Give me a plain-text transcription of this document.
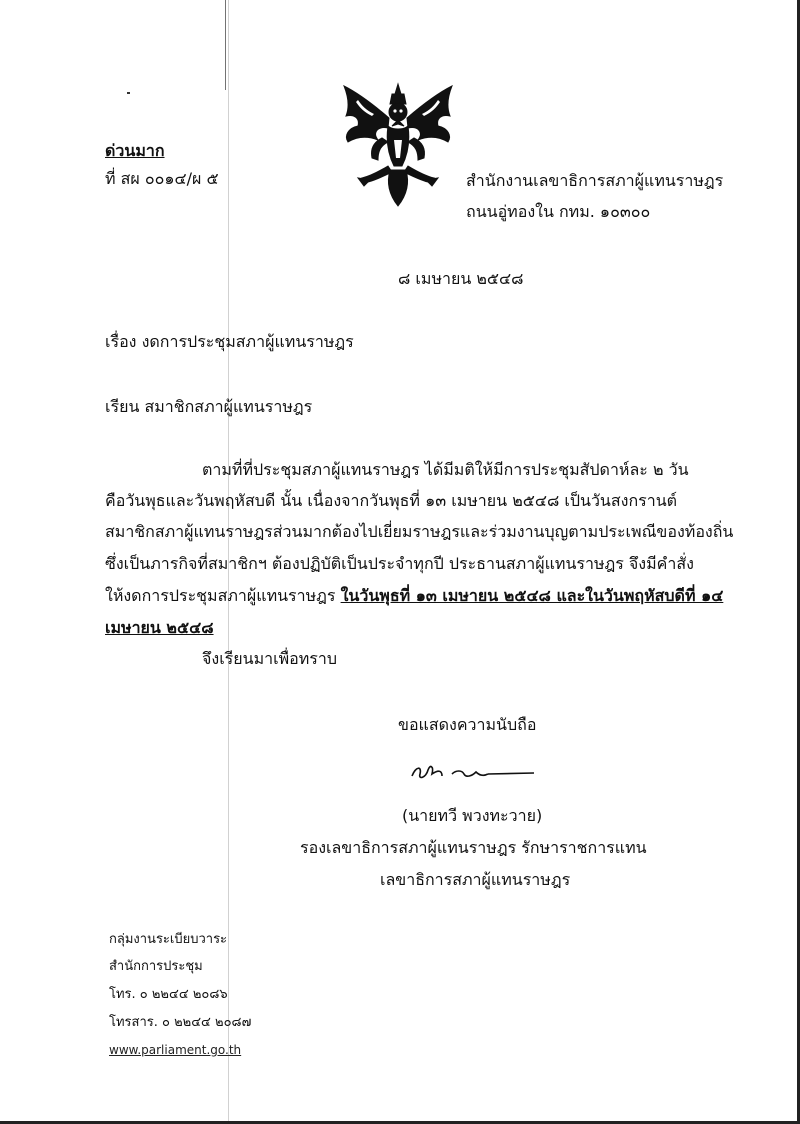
ด่วนมาก
ที่ สผ ๐๐๑๔/ผ ๕	สำนักงานเลขาธิการสภาผู้แทนราษฎร
ถนนอู่ทองใน กทม. ๑๐๓๐๐
๘ เมษายน ๒๕๔๘
เรื่อง งดการประชุมสภาผู้แทนราษฎร
เรียน สมาชิกสภาผู้แทนราษฎร
ตามที่ที่ประชุมสภาผู้แทนราษฎร ได้มีมติให้มีการประชุมสัปดาห์ละ ๒ วัน
คือวันพุธและวันพฤหัสบดี นั้น เนื่องจากวันพุธที่ ๑๓ เมษายน ๒๕๔๘ เป็นวันสงกรานต์
สมาชิกสภาผู้แทนราษฎรส่วนมากต้องไปเยี่ยมราษฎรและร่วมงานบุญตามประเพณีของท้องถิ่น
ซึ่งเป็นภารกิจที่สมาชิกฯ ต้องปฏิบัติเป็นประจำทุกปี ประธานสภาผู้แทนราษฎร จึงมีคำสั่ง
ให้งดการประชุมสภาผู้แทนราษฎร ในวันพุธที่ ๑๓ เมษายน ๒๕๔๘ และในวันพฤหัสบดีที่ ๑๔
เมษายน ๒๕๔๘
จึงเรียนมาเพื่อทราบ
ขอแสดงความนับถือ
(นายทวี พวงทะวาย)
รองเลขาธิการสภาผู้แทนราษฎร รักษาราชการแทน
เลขาธิการสภาผู้แทนราษฎร
กลุ่มงานระเบียบวาระ
สำนักการประชุม
โทร. ๐ ๒๒๔๔ ๒๐๘๖
โทรสาร. ๐ ๒๒๔๔ ๒๐๘๗
www.parliament.go.th
